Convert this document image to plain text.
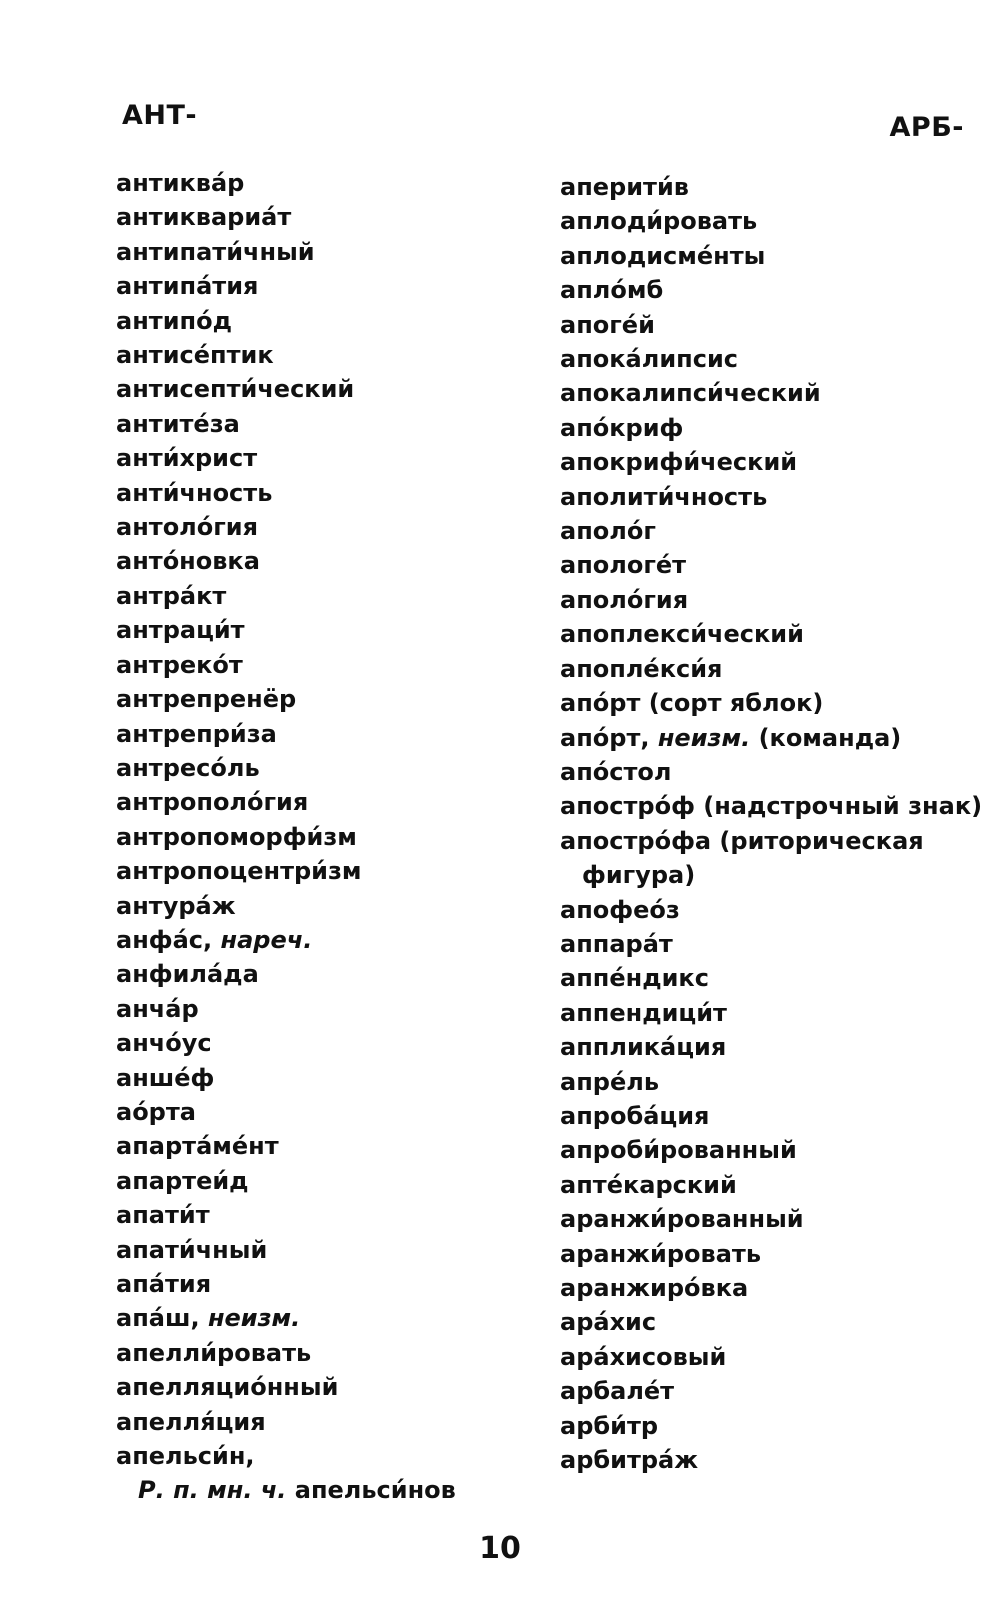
АНТ-	АРБ-
антиква́р
антиквариа́т
антипати́чный
антипа́тия
антипо́д
антисе́птик
антисепти́ческий
антите́за
анти́христ
анти́чность
антоло́гия
анто́новка
антра́кт
антраци́т
антреко́т
антрепренёр
антрепри́за
антресо́ль
антрополо́гия
антропоморфи́зм
антропоцентри́зм
антура́ж
анфа́с, нареч.
анфила́да
анча́р
анчо́ус
анше́ф
ао́рта
апарта́ме́нт
апартеи́д
апати́т
апати́чный
апа́тия
апа́ш, неизм.
апелли́ровать
апелляцио́нный
апелля́ция
апельси́н,
Р. п. мн. ч. апельси́нов
аперити́в
аплоди́ровать
аплодисме́нты
апло́мб
апоге́й
апока́липсис
апокалипси́ческий
апо́криф
апокрифи́ческий
аполити́чность
аполо́г
апологе́т
аполо́гия
апоплекси́ческий
апопле́кси́я
апо́рт (сорт яблок)
апо́рт, неизм. (команда)
апо́стол
апостро́ф (надстрочный знак)
апостро́фа (риторическая
фигура)
апофео́з
аппара́т
аппе́ндикс
аппендици́т
апплика́ция
апре́ль
апроба́ция
апроби́рованный
апте́карский
аранжи́рованный
аранжи́ровать
аранжиро́вка
ара́хис
ара́хисовый
арбале́т
арби́тр
арбитра́ж
10
